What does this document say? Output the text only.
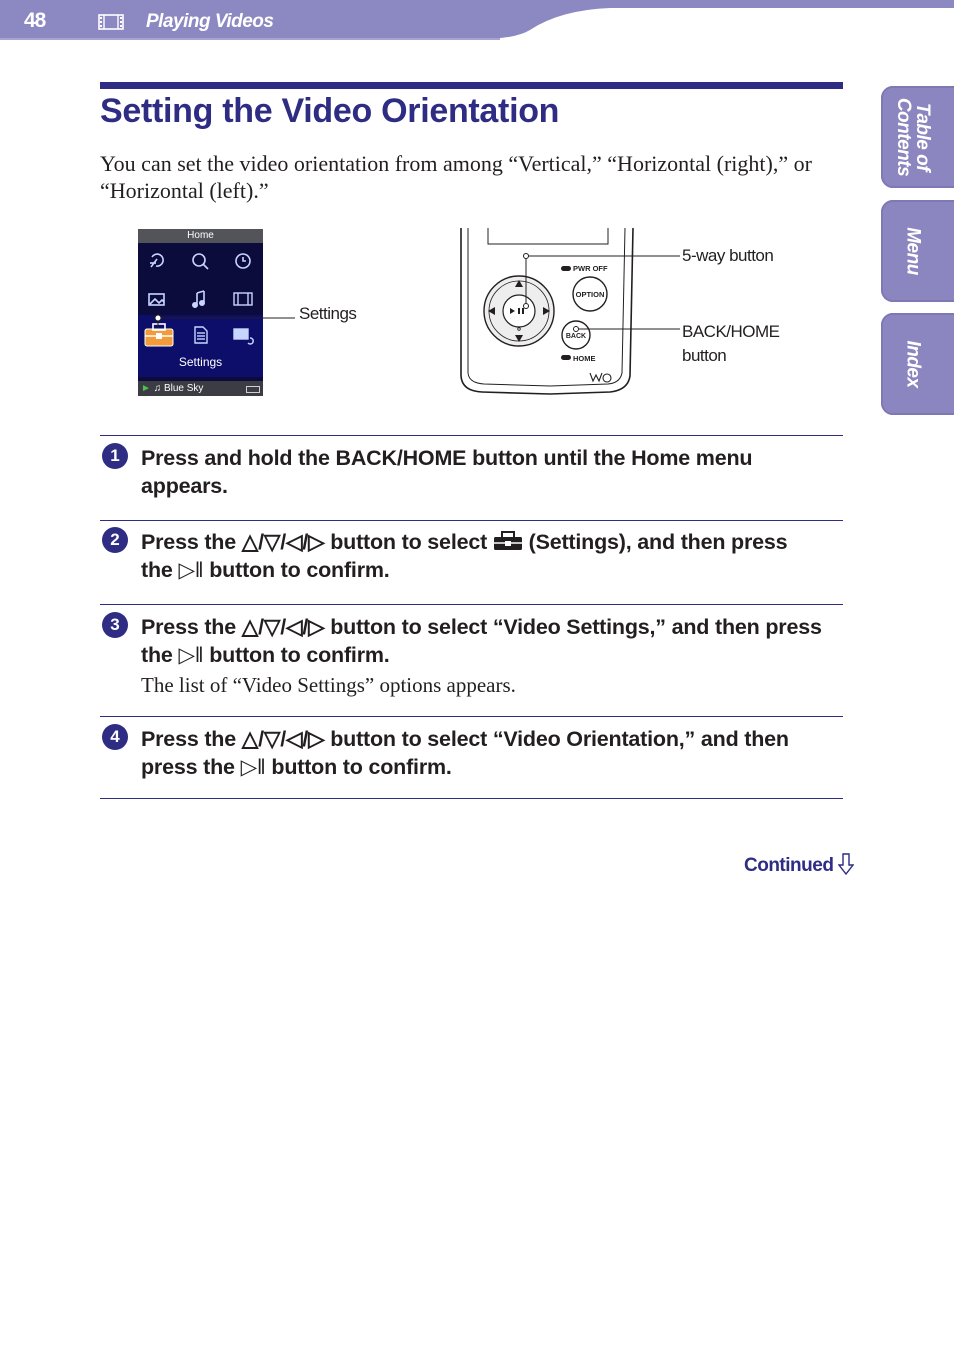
48	Playing Videos
Table of
Contents
Menu
Index
Setting the Video Orientation
You can set the video orientation from among “Vertical,” “Horizontal (right),” or “Horizontal (left).”
Home
Settings
► ♫ Blue Sky
Settings
PWR OFF
OPTION
BACK
HOME
5-way button
BACK/HOME
button
1 Press and hold the BACK/HOME button until the Home menu
appears.
2 Press the △/▽/◁/▷ button to select  (Settings), and then press
the ▷‖ button to confirm.
3 Press the △/▽/◁/▷ button to select “Video Settings,” and then press
the ▷‖ button to confirm.
The list of “Video Settings” options appears.
4 Press the △/▽/◁/▷ button to select “Video Orientation,” and then
press the ▷‖ button to confirm.
Continued
